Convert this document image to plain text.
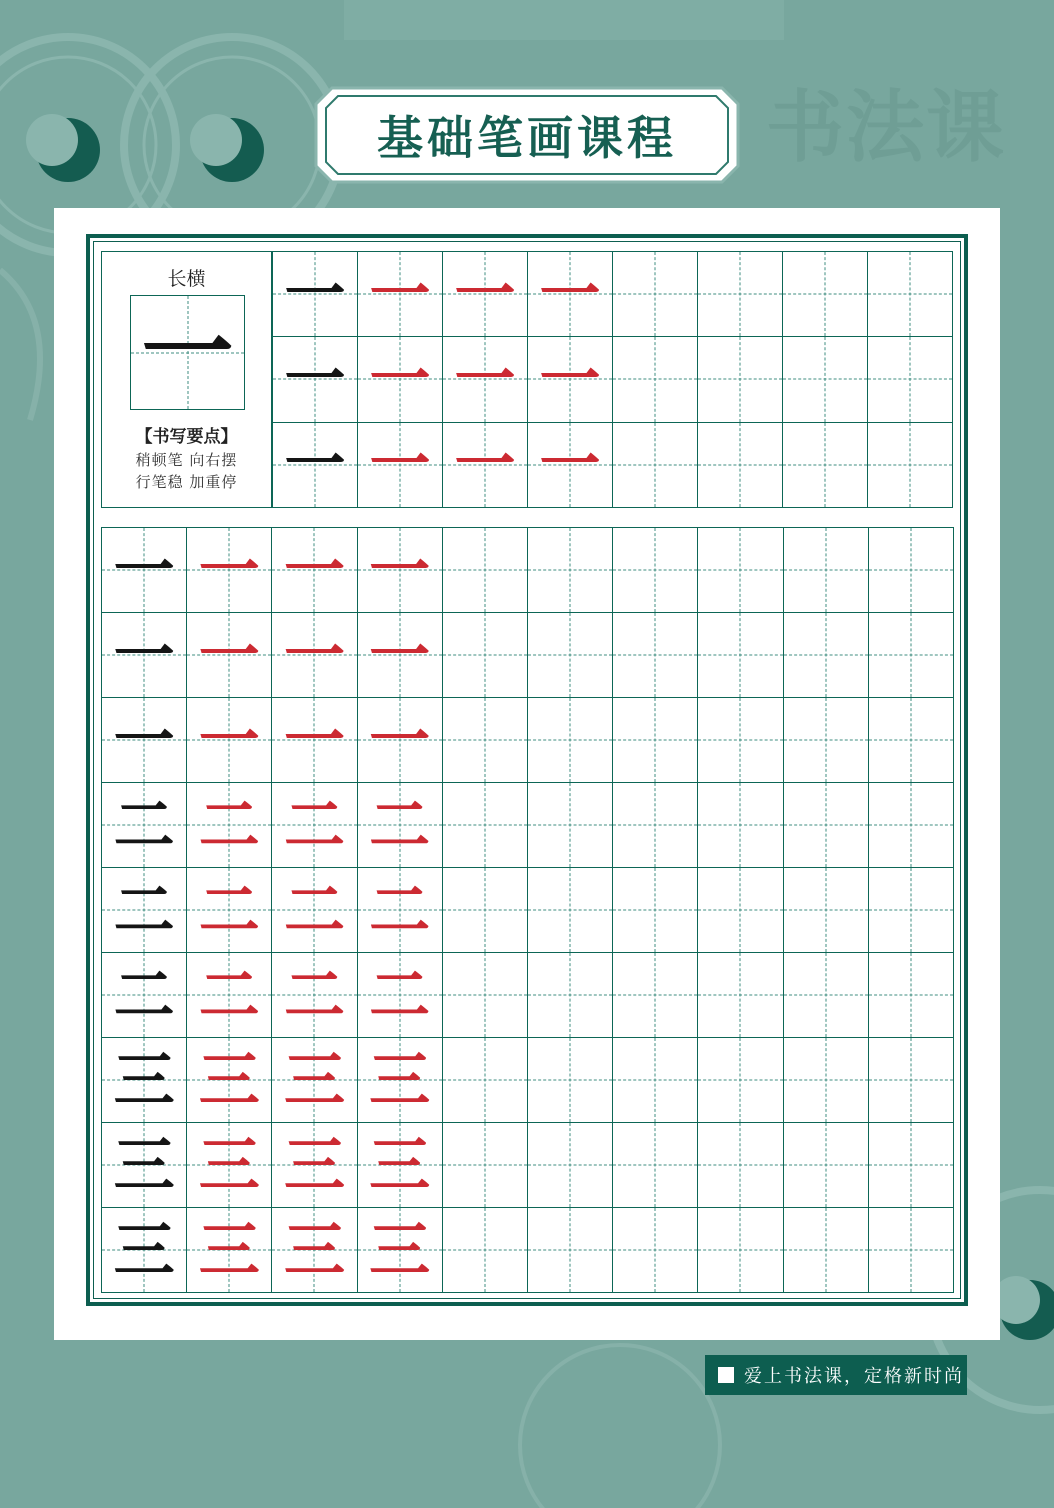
书法课
基础笔画课程
长横
一
【书写要点】
稍顿笔 向右摆
行笔稳 加重停
一 一 一 一
一 一 一 一
一 一 一 一
一 一 一 一
一 一 一 一
一 一 一 一
二 二 二 二
二 二 二 二
二 二 二 二
三 三 三 三
三 三 三 三
三 三 三 三
爱上书法课，定格新时尚
